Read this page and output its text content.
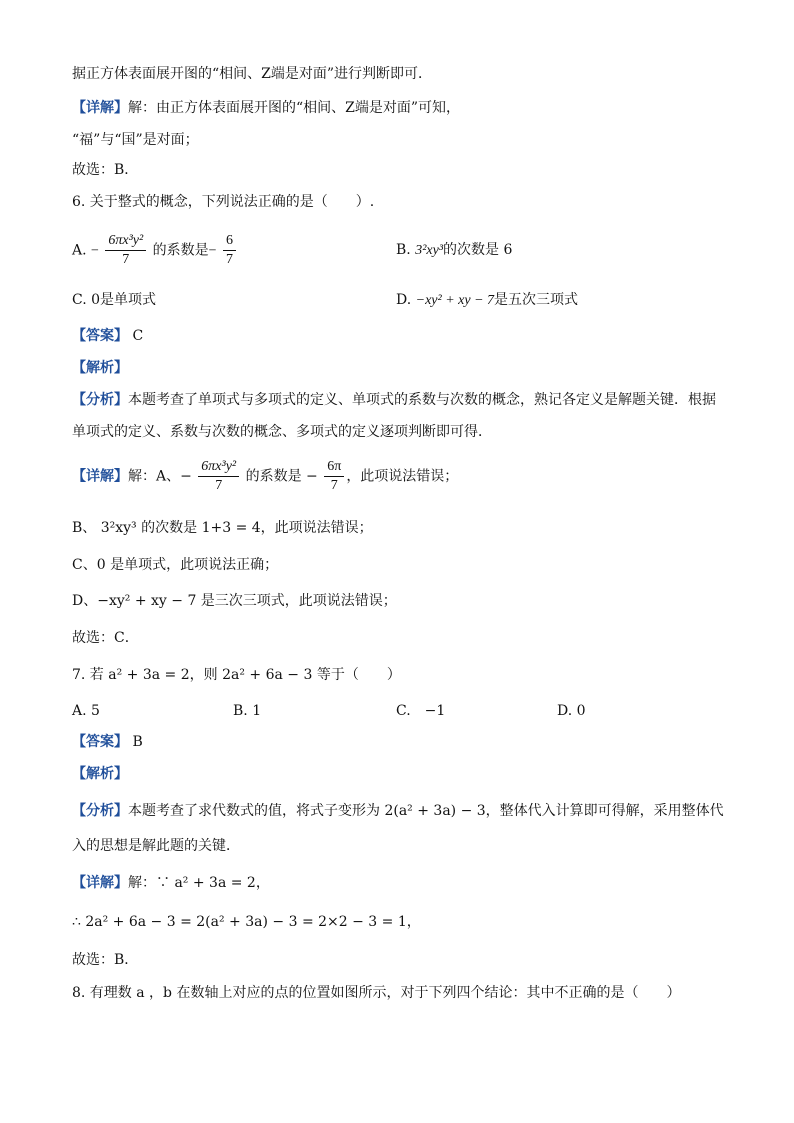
据正方体表面展开图的“相间、Z端是对面”进行判断即可．
【详解】解：由正方体表面展开图的“相间、Z端是对面”可知，
“福”与“国”是对面；
故选：B．
6. 关于整式的概念，下列说法正确的是（　　）.
A. − $\frac{\text{6πx³y²}}{7}$ 的系数是− $\frac{6}{7}$	B. 3²xy³的次数是 6
C. 0是单项式	D. −xy² + xy − 7是五次三项式
【答案】 C
【解析】
【分析】本题考查了单项式与多项式的定义、单项式的系数与次数的概念，熟记各定义是解题关键．根据
单项式的定义、系数与次数的概念、多项式的定义逐项判断即可得．
【详解】解：A、− $\frac{\text{6πx³y²}}{7}$ 的系数是 − $\frac{6\pi}{7}$ ，此项说法错误；
B、 3²xy³ 的次数是 1+3 = 4，此项说法错误；
C、0 是单项式，此项说法正确；
D、−xy² + xy − 7 是三次三项式，此项说法错误；
故选：C．
7. 若 a² + 3a = 2，则 2a² + 6a − 3 等于（　　）
A. 5	B. 1	C.　−1	D. 0
【答案】 B
【解析】
【分析】本题考查了求代数式的值，将式子变形为 2(a² + 3a) − 3，整体代入计算即可得解，采用整体代
入的思想是解此题的关键．
【详解】解：∵ a² + 3a = 2，
∴ 2a² + 6a − 3 = 2(a² + 3a) − 3 = 2×2 − 3 = 1，
故选：B．
8. 有理数 a ，b 在数轴上对应的点的位置如图所示，对于下列四个结论：其中不正确的是（　　）
